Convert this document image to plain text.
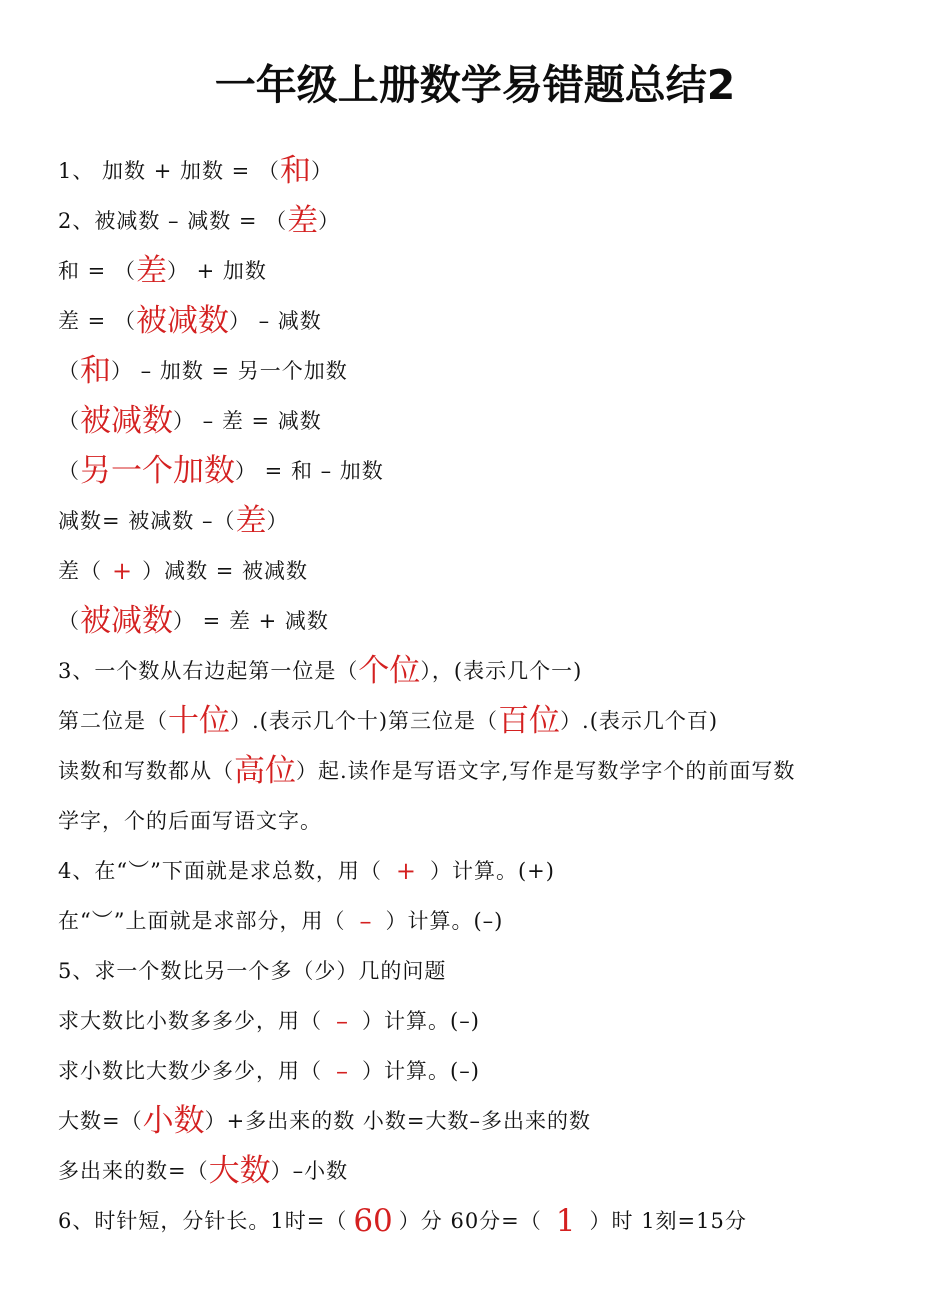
一年级上册数学易错题总结2
1、 加数 + 加数 = （ 和 ）
2、被减数 – 减数 = （ 差 ）
和 = （ 差 ） + 加数
差 = （ 被减数 ） – 减数
（ 和 ） – 加数 = 另一个加数
（ 被减数 ） – 差 = 减数
（ 另一个加数 ） = 和 – 加数
减数= 被减数 –（ 差 ）
差（ + ）减数 = 被减数
（ 被减数 ） = 差 + 减数
3、一个数从右边起第一位是（ 个位 ），(表示几个一)
第二位是（ 十位 ）.(表示几个十)第三位是（ 百位 ）.(表示几个百)
读数和写数都从（ 高位 ）起.读作是写语文字,写作是写数学字个的前面写数
学字，个的后面写语文字。
4、在“︶”下面就是求总数，用（ + ）计算。(+)
在“︶”上面就是求部分，用（ – ）计算。(–)
5、求一个数比另一个多（少）几的问题
求大数比小数多多少，用（ – ）计算。(–)
求小数比大数少多少，用（ – ）计算。(–)
大数=（ 小数 ）+多出来的数 小数=大数–多出来的数
多出来的数=（ 大数 ）–小数
6、时针短，分针长。1时=（ 60 ）分 60分=（ 1 ）时 1刻=15分
